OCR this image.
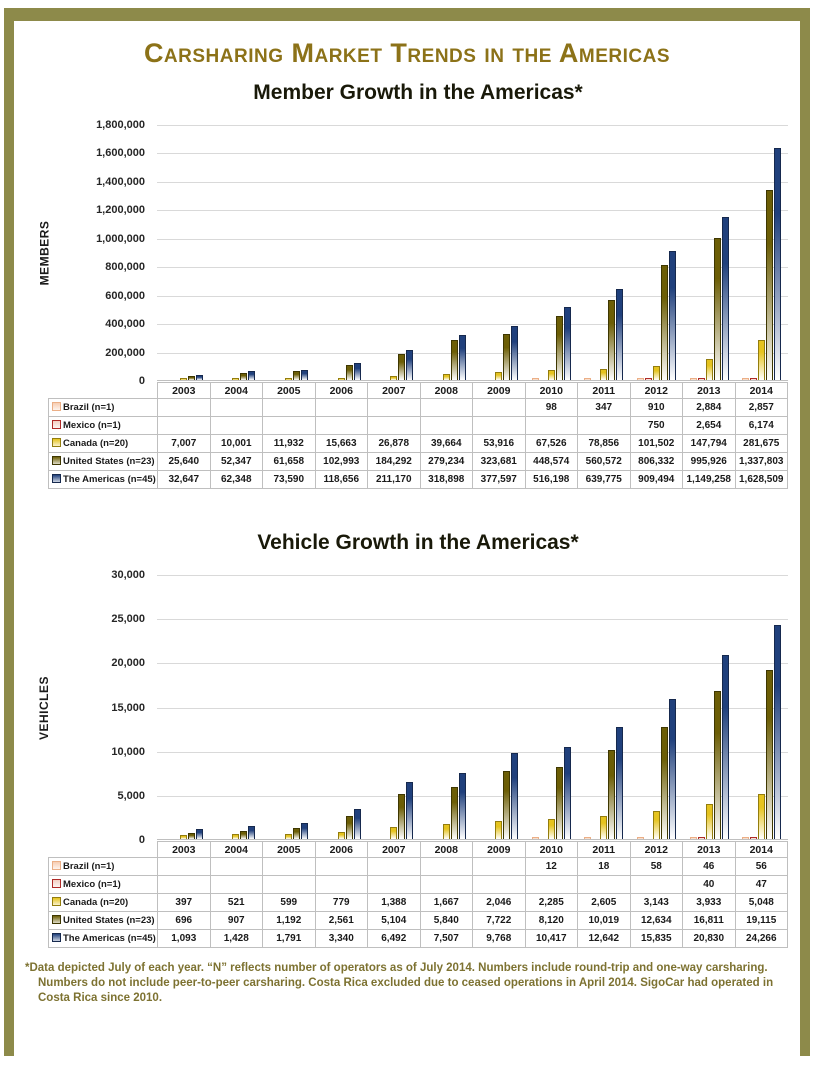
Carsharing Market Trends in the Americas
Member Growth in the Americas*
MEMBERS
0
200,000
400,000
600,000
800,000
1,000,000
1,200,000
1,400,000
1,600,000
1,800,000
	2003	2004	2005	2006	2007	2008	2009	2010	2011	2012	2013	2014
Brazil (n=1)								98	347	910	2,884	2,857
Mexico (n=1)										750	2,654	6,174
Canada (n=20)	7,007	10,001	11,932	15,663	26,878	39,664	53,916	67,526	78,856	101,502	147,794	281,675
United States (n=23)	25,640	52,347	61,658	102,993	184,292	279,234	323,681	448,574	560,572	806,332	995,926	1,337,803
The Americas (n=45)	32,647	62,348	73,590	118,656	211,170	318,898	377,597	516,198	639,775	909,494	1,149,258	1,628,509
Vehicle Growth in the Americas*
VEHICLES
0
5,000
10,000
15,000
20,000
25,000
30,000
	2003	2004	2005	2006	2007	2008	2009	2010	2011	2012	2013	2014
Brazil (n=1)								12	18	58	46	56
Mexico (n=1)											40	47
Canada (n=20)	397	521	599	779	1,388	1,667	2,046	2,285	2,605	3,143	3,933	5,048
United States (n=23)	696	907	1,192	2,561	5,104	5,840	7,722	8,120	10,019	12,634	16,811	19,115
The Americas (n=45)	1,093	1,428	1,791	3,340	6,492	7,507	9,768	10,417	12,642	15,835	20,830	24,266

*Data depicted July of each year. “N” reflects number of operators as of July 2014. Numbers include round-trip and one-way carsharing. Numbers do not include peer-to-peer carsharing. Costa Rica excluded due to ceased operations in April 2014. SigoCar had operated in Costa Rica since 2010.
